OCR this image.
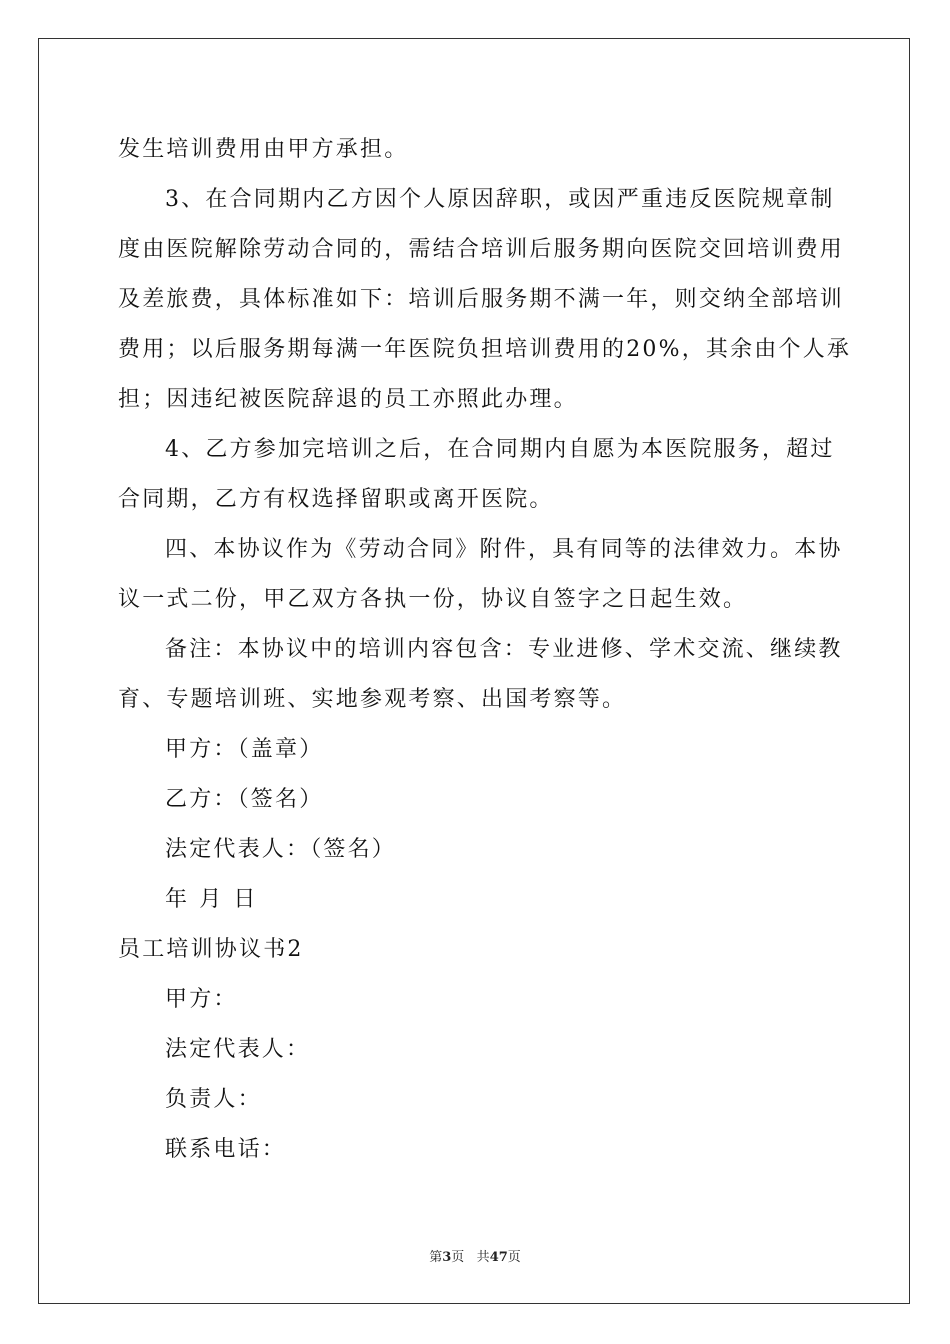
发生培训费用由甲方承担。
3、在合同期内乙方因个人原因辞职，或因严重违反医院规章制
度由医院解除劳动合同的，需结合培训后服务期向医院交回培训费用
及差旅费，具体标准如下：培训后服务期不满一年，则交纳全部培训
费用；以后服务期每满一年医院负担培训费用的20%，其余由个人承
担；因违纪被医院辞退的员工亦照此办理。
4、乙方参加完培训之后，在合同期内自愿为本医院服务，超过
合同期，乙方有权选择留职或离开医院。
四、本协议作为《劳动合同》附件，具有同等的法律效力。本协
议一式二份，甲乙双方各执一份，协议自签字之日起生效。
备注：本协议中的培训内容包含：专业进修、学术交流、继续教
育、专题培训班、实地参观考察、出国考察等。
甲方：（盖章）
乙方：（签名）
法定代表人：（签名）
年 月 日
员工培训协议书2
甲方：
法定代表人：
负责人：
联系电话：
第3页 共47页
